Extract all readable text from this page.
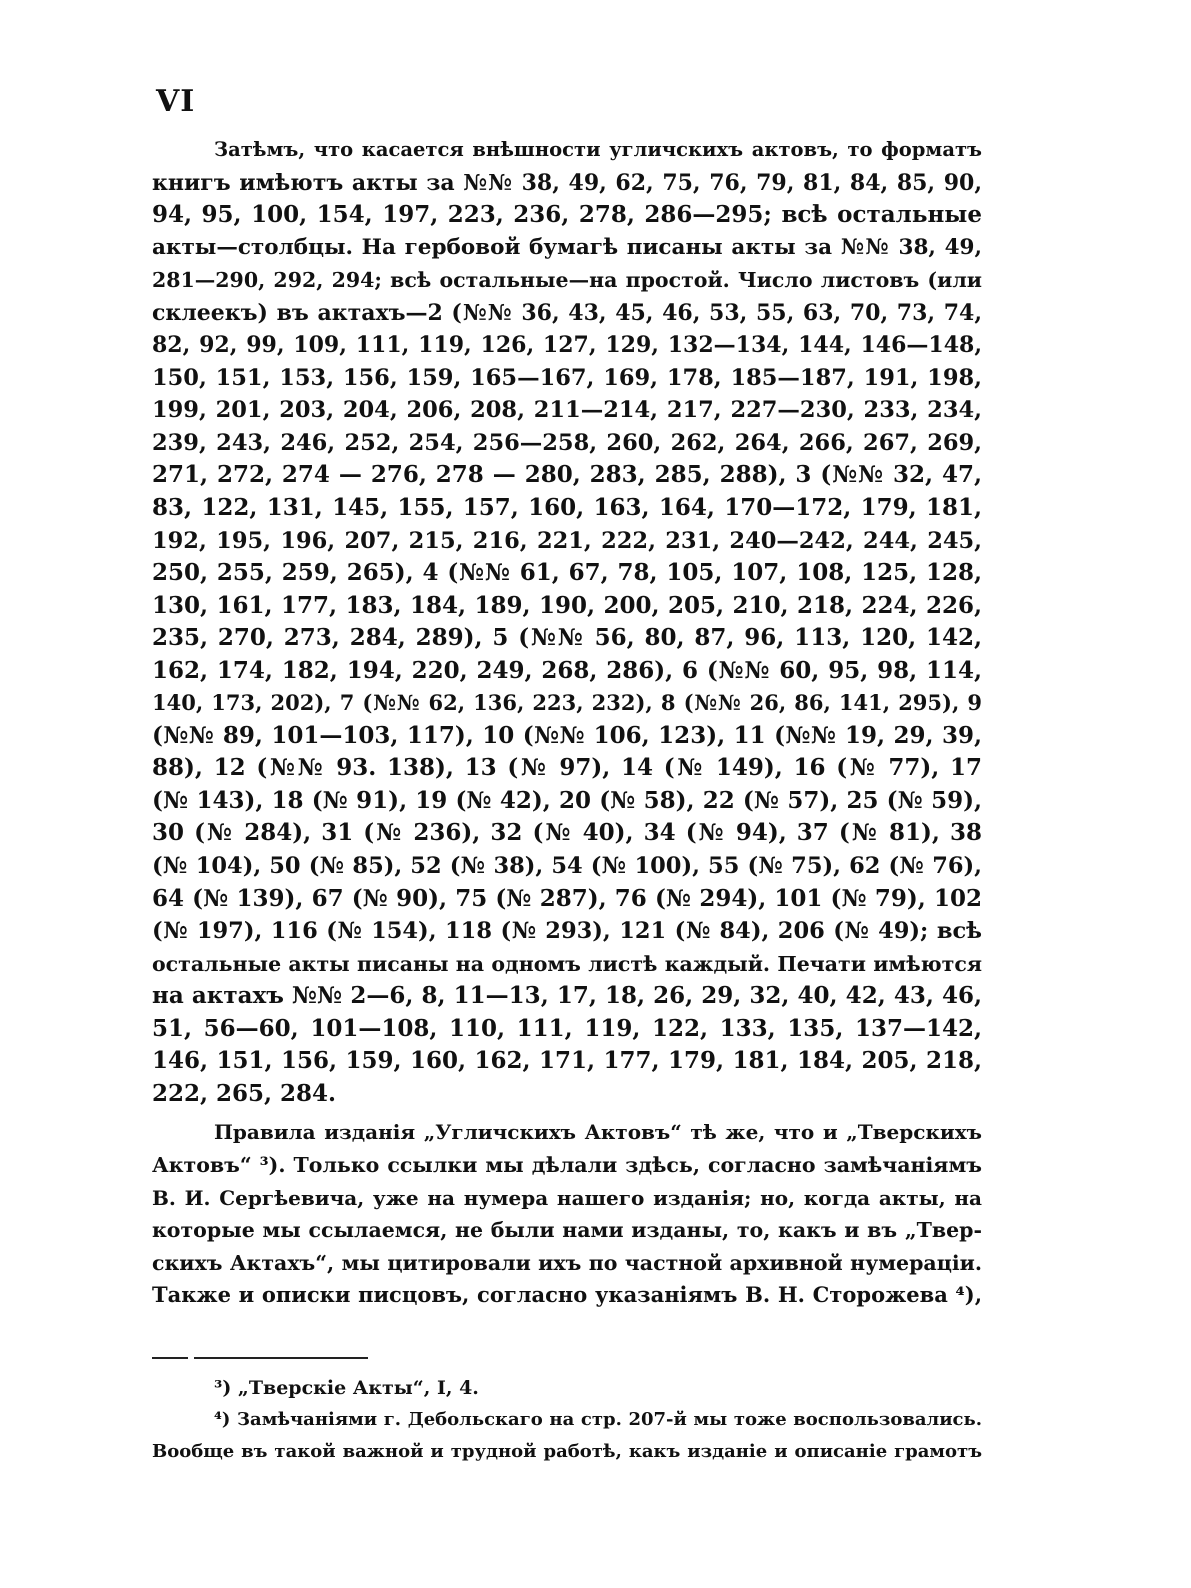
VI
Затѣмъ, что касается внѣшности угличскихъ актовъ, то форматъ
книгъ имѣютъ акты за №№ 38, 49, 62, 75, 76, 79, 81, 84, 85, 90,
94, 95, 100, 154, 197, 223, 236, 278, 286—295; всѣ остальные
акты—столбцы. На гербовой бумагѣ писаны акты за №№ 38, 49,
281—290, 292, 294; всѣ остальные—на простой. Число листовъ (или
склеекъ) въ актахъ—2 (№№ 36, 43, 45, 46, 53, 55, 63, 70, 73, 74,
82, 92, 99, 109, 111, 119, 126, 127, 129, 132—134, 144, 146—148,
150, 151, 153, 156, 159, 165—167, 169, 178, 185—187, 191, 198,
199, 201, 203, 204, 206, 208, 211—214, 217, 227—230, 233, 234,
239, 243, 246, 252, 254, 256—258, 260, 262, 264, 266, 267, 269,
271, 272, 274 — 276, 278 — 280, 283, 285, 288), 3 (№№ 32, 47,
83, 122, 131, 145, 155, 157, 160, 163, 164, 170—172, 179, 181,
192, 195, 196, 207, 215, 216, 221, 222, 231, 240—242, 244, 245,
250, 255, 259, 265), 4 (№№ 61, 67, 78, 105, 107, 108, 125, 128,
130, 161, 177, 183, 184, 189, 190, 200, 205, 210, 218, 224, 226,
235, 270, 273, 284, 289), 5 (№№ 56, 80, 87, 96, 113, 120, 142,
162, 174, 182, 194, 220, 249, 268, 286), 6 (№№ 60, 95, 98, 114,
140, 173, 202), 7 (№№ 62, 136, 223, 232), 8 (№№ 26, 86, 141, 295), 9
(№№ 89, 101—103, 117), 10 (№№ 106, 123), 11 (№№ 19, 29, 39,
88), 12 (№№ 93. 138), 13 (№ 97), 14 (№ 149), 16 (№ 77), 17
(№ 143), 18 (№ 91), 19 (№ 42), 20 (№ 58), 22 (№ 57), 25 (№ 59),
30 (№ 284), 31 (№ 236), 32 (№ 40), 34 (№ 94), 37 (№ 81), 38
(№ 104), 50 (№ 85), 52 (№ 38), 54 (№ 100), 55 (№ 75), 62 (№ 76),
64 (№ 139), 67 (№ 90), 75 (№ 287), 76 (№ 294), 101 (№ 79), 102
(№ 197), 116 (№ 154), 118 (№ 293), 121 (№ 84), 206 (№ 49); всѣ
остальные акты писаны на одномъ листѣ каждый. Печати имѣются
на актахъ №№ 2—6, 8, 11—13, 17, 18, 26, 29, 32, 40, 42, 43, 46,
51, 56—60, 101—108, 110, 111, 119, 122, 133, 135, 137—142,
146, 151, 156, 159, 160, 162, 171, 177, 179, 181, 184, 205, 218,
222, 265, 284.
Правила изданія „Угличскихъ Актовъ“ тѣ же, что и „Тверскихъ
Актовъ“ ³). Только ссылки мы дѣлали здѣсь, согласно замѣчаніямъ
В. И. Сергѣевича, уже на нумера нашего изданія; но, когда акты, на
которые мы ссылаемся, не были нами изданы, то, какъ и въ „Твер-
скихъ Актахъ“, мы цитировали ихъ по частной архивной нумераціи.
Также и описки писцовъ, согласно указаніямъ В. Н. Сторожева ⁴),
³) „Тверскіе Акты“, I, 4.
⁴) Замѣчаніями г. Дебольскаго на стр. 207-й мы тоже воспользовались.
Вообще въ такой важной и трудной работѣ, какъ изданіе и описаніе грамотъ
